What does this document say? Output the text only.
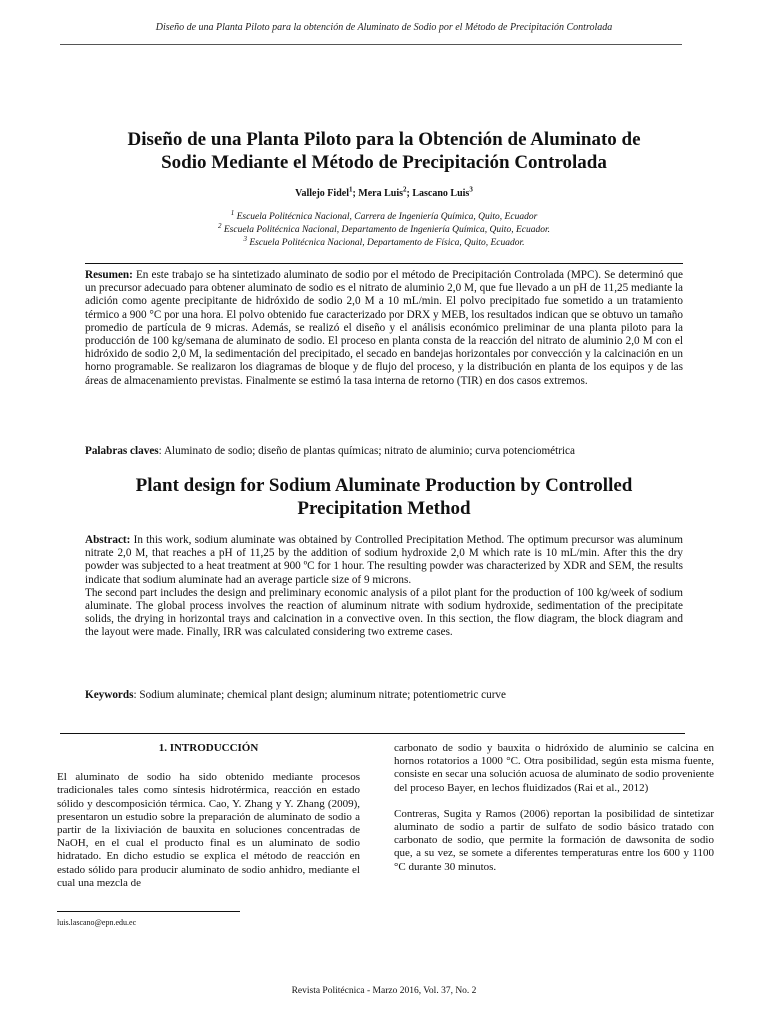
Diseño de una Planta Piloto para la obtención de Aluminato de Sodio por el Método de Precipitación Controlada
Diseño de una Planta Piloto para la Obtención de Aluminato de
Sodio Mediante el Método de Precipitación Controlada
Vallejo Fidel$^1$; Mera Luis$^2$; Lascano Luis$^3$
$^1$ Escuela Politécnica Nacional, Carrera de Ingeniería Química, Quito, Ecuador
$^2$ Escuela Politécnica Nacional, Departamento de Ingeniería Química, Quito, Ecuador.
$^3$ Escuela Politécnica Nacional, Departamento de Física, Quito, Ecuador.
Resumen: En este trabajo se ha sintetizado aluminato de sodio por el método de Precipitación Controlada (MPC). Se determinó que un precursor adecuado para obtener aluminato de sodio es el nitrato de aluminio 2,0 M, que fue llevado a un pH de 11,25 mediante la adición como agente precipitante de hidróxido de sodio 2,0 M a 10 mL/min. El polvo precipitado fue sometido a un tratamiento térmico a 900 °C por una hora. El polvo obtenido fue caracterizado por DRX y MEB, los resultados indican que se obtuvo un tamaño promedio de partícula de 9 micras. Además, se realizó el diseño y el análisis económico preliminar de una planta piloto para la producción de 100 kg/semana de aluminato de sodio. El proceso en planta consta de la reacción del nitrato de aluminio 2,0 M con el hidróxido de sodio 2,0 M, la sedimentación del precipitado, el secado en bandejas horizontales por convección y la calcinación en un horno programable. Se realizaron los diagramas de bloque y de flujo del proceso, y la distribución en planta de los equipos y de las áreas de almacenamiento previstas. Finalmente se estimó la tasa interna de retorno (TIR) en dos casos extremos.
Palabras claves: Aluminato de sodio; diseño de plantas químicas; nitrato de aluminio; curva potenciométrica
Plant design for Sodium Aluminate Production by Controlled
Precipitation Method
Abstract: In this work, sodium aluminate was obtained by Controlled Precipitation Method. The optimum precursor was aluminum nitrate 2,0 M, that reaches a pH of 11,25 by the addition of sodium hydroxide 2,0 M which rate is 10 mL/min. After this the dry powder was subjected to a heat treatment at 900 ºC for 1 hour. The resulting powder was characterized by XDR and SEM, the results indicate that sodium aluminate had an average particle size of 9 microns.
The second part includes the design and preliminary economic analysis of a pilot plant for the production of 100 kg/week of sodium aluminate. The global process involves the reaction of aluminum nitrate with sodium hydroxide, sedimentation of the precipitate solids, the drying in horizontal trays and calcination in a convective oven. In this section, the flow diagram, the block diagram and the layout were made. Finally, IRR was calculated considering two extreme cases.
Keywords: Sodium aluminate; chemical plant design; aluminum nitrate; potentiometric curve
1. INTRODUCCIÓN

El aluminato de sodio ha sido obtenido mediante procesos tradicionales tales como síntesis hidrotérmica, reacción en estado sólido y descomposición térmica. Cao, Y. Zhang y Y. Zhang (2009), presentaron un estudio sobre la preparación de aluminato de sodio a partir de la lixiviación de bauxita en soluciones concentradas de NaOH, en el cual el producto final es un aluminato de sodio hidratado. En dicho estudio se explica el método de reacción en estado sólido para producir aluminato de sodio anhidro, mediante el cual una mezcla de

carbonato de sodio y bauxita o hidróxido de aluminio se calcina en hornos rotatorios a 1000 °C. Otra posibilidad, según esta misma fuente, consiste en secar una solución acuosa de aluminato de sodio proveniente del proceso Bayer, en lechos fluidizados (Rai et al., 2012)

Contreras, Sugita y Ramos (2006) reportan la posibilidad de sintetizar aluminato de sodio a partir de sulfato de sodio básico tratado con carbonato de sodio, que permite la formación de dawsonita de sodio que, a su vez, se somete a diferentes temperaturas entre los 600 y 1100 °C durante 30 minutos.

luis.lascano@epn.edu.ec
Revista Politécnica - Marzo 2016, Vol. 37, No. 2
